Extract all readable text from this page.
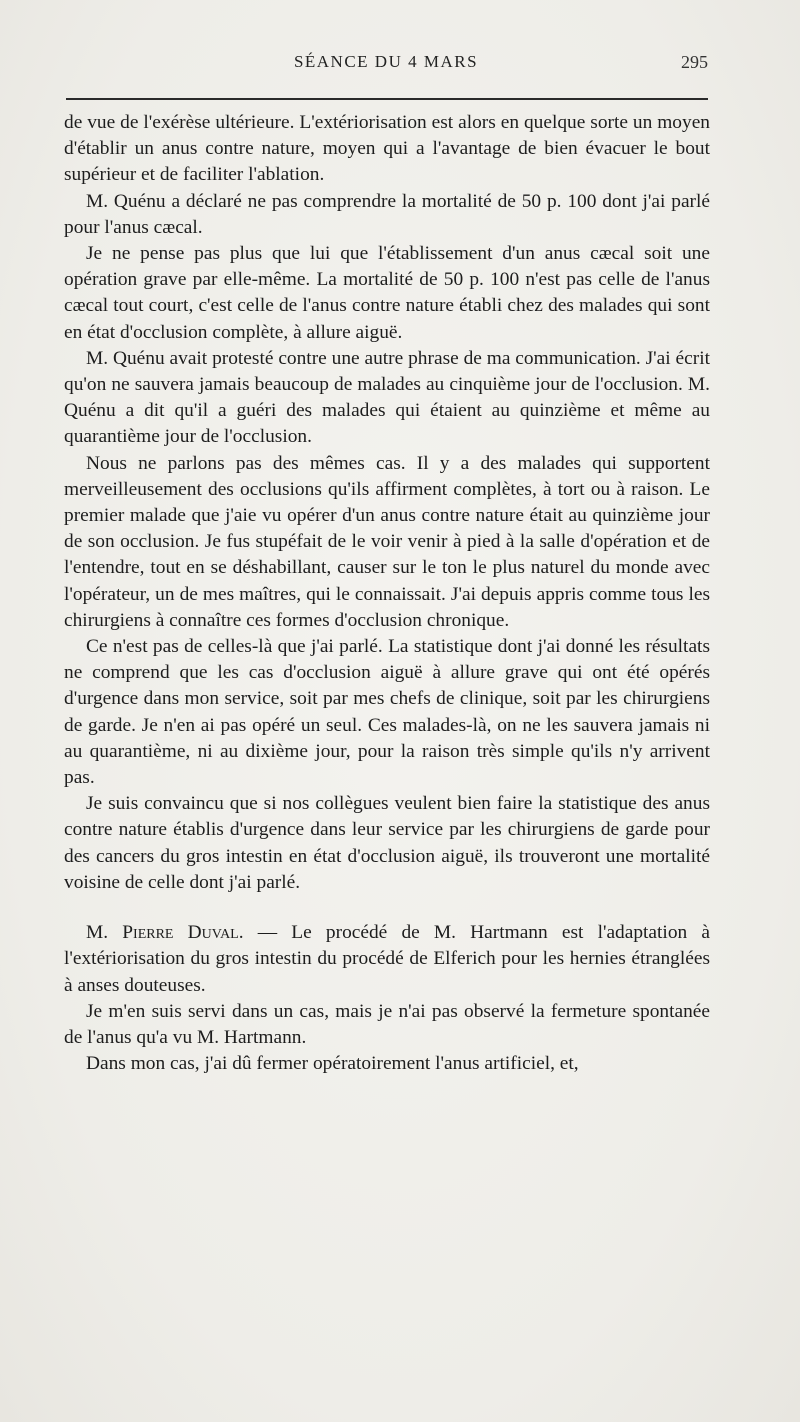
SÉANCE DU 4 MARS	295

de vue de l'exérèse ultérieure. L'extériorisation est alors en quelque sorte un moyen d'établir un anus contre nature, moyen qui a l'avantage de bien évacuer le bout supérieur et de faciliter l'ablation.

M. Quénu a déclaré ne pas comprendre la mortalité de 50 p. 100 dont j'ai parlé pour l'anus cæcal.

Je ne pense pas plus que lui que l'établissement d'un anus cæcal soit une opération grave par elle-même. La mortalité de 50 p. 100 n'est pas celle de l'anus cæcal tout court, c'est celle de l'anus contre nature établi chez des malades qui sont en état d'occlusion complète, à allure aiguë.

M. Quénu avait protesté contre une autre phrase de ma communication. J'ai écrit qu'on ne sauvera jamais beaucoup de malades au cinquième jour de l'occlusion. M. Quénu a dit qu'il a guéri des malades qui étaient au quinzième et même au quarantième jour de l'occlusion.

Nous ne parlons pas des mêmes cas. Il y a des malades qui supportent merveilleusement des occlusions qu'ils affirment complètes, à tort ou à raison. Le premier malade que j'aie vu opérer d'un anus contre nature était au quinzième jour de son occlusion. Je fus stupéfait de le voir venir à pied à la salle d'opération et de l'entendre, tout en se déshabillant, causer sur le ton le plus naturel du monde avec l'opérateur, un de mes maîtres, qui le connaissait. J'ai depuis appris comme tous les chirurgiens à connaître ces formes d'occlusion chronique.

Ce n'est pas de celles-là que j'ai parlé. La statistique dont j'ai donné les résultats ne comprend que les cas d'occlusion aiguë à allure grave qui ont été opérés d'urgence dans mon service, soit par mes chefs de clinique, soit par les chirurgiens de garde. Je n'en ai pas opéré un seul. Ces malades-là, on ne les sauvera jamais ni au quarantième, ni au dixième jour, pour la raison très simple qu'ils n'y arrivent pas.

Je suis convaincu que si nos collègues veulent bien faire la statistique des anus contre nature établis d'urgence dans leur service par les chirurgiens de garde pour des cancers du gros intestin en état d'occlusion aiguë, ils trouveront une mortalité voisine de celle dont j'ai parlé.

M. Pierre Duval. — Le procédé de M. Hartmann est l'adaptation à l'extériorisation du gros intestin du procédé de Elferich pour les hernies étranglées à anses douteuses.

Je m'en suis servi dans un cas, mais je n'ai pas observé la fermeture spontanée de l'anus qu'a vu M. Hartmann.

Dans mon cas, j'ai dû fermer opératoirement l'anus artificiel, et,
